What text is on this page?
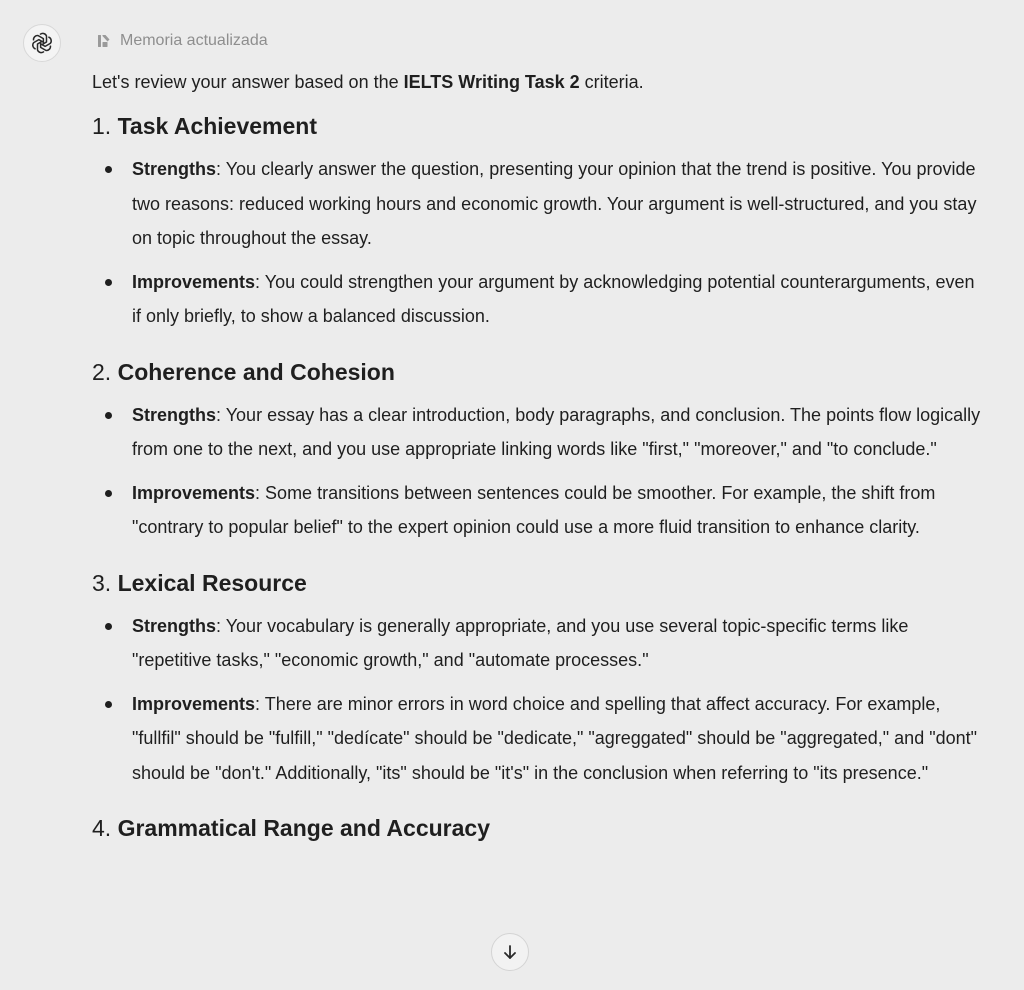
Memoria actualizada

Let's review your answer based on the IELTS Writing Task 2 criteria.

1. Task Achievement
Strengths: You clearly answer the question, presenting your opinion that the trend is positive. You provide two reasons: reduced working hours and economic growth. Your argument is well-structured, and you stay on topic throughout the essay.
Improvements: You could strengthen your argument by acknowledging potential counterarguments, even if only briefly, to show a balanced discussion.
2. Coherence and Cohesion
Strengths: Your essay has a clear introduction, body paragraphs, and conclusion. The points flow logically from one to the next, and you use appropriate linking words like "first," "moreover," and "to conclude."
Improvements: Some transitions between sentences could be smoother. For example, the shift from "contrary to popular belief" to the expert opinion could use a more fluid transition to enhance clarity.
3. Lexical Resource
Strengths: Your vocabulary is generally appropriate, and you use several topic-specific terms like "repetitive tasks," "economic growth," and "automate processes."
Improvements: There are minor errors in word choice and spelling that affect accuracy. For example, "fullfil" should be "fulfill," "dedícate" should be "dedicate," "agreggated" should be "aggregated," and "dont" should be "don't." Additionally, "its" should be "it's" in the conclusion when referring to "its presence."
4. Grammatical Range and Accuracy
